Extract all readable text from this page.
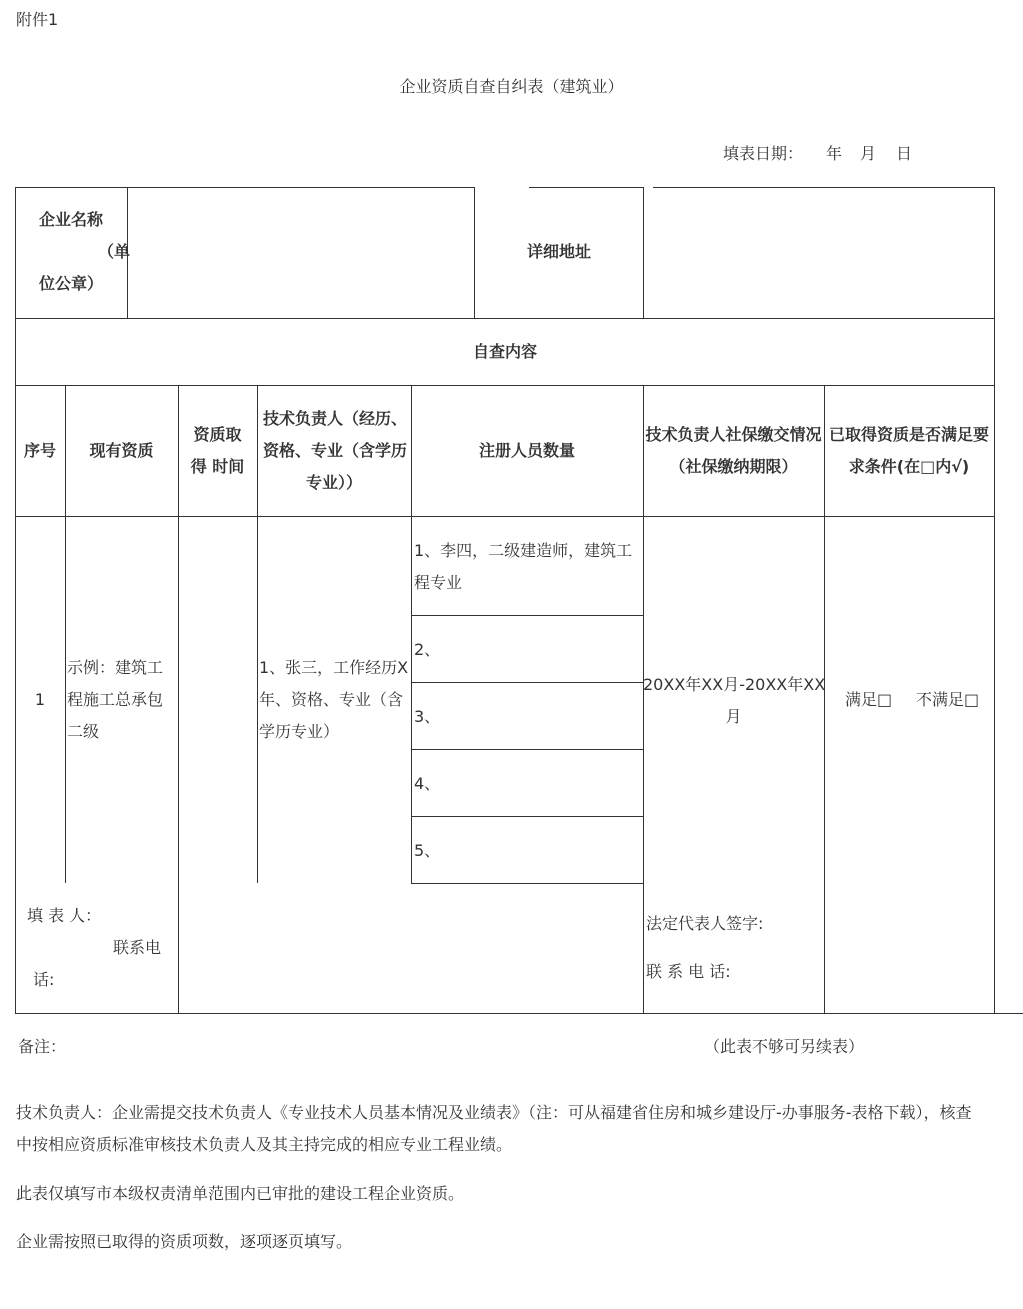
附件1
企业资质自查自纠表（建筑业）
填表日期： 年 月 日
企业名称
（单
位公章）
详细地址
自查内容
序号	现有资质
资质取
得 时间
技术负责人（经历、
资格、专业（含学历
专业））
注册人员数量
技术负责人社保缴交情况
（社保缴纳期限）
已取得资质是否满足要
求条件(在□内√)
1
示例：建筑工
程施工总承包
二级
1、张三，工作经历X
年、资格、专业（含
学历专业）
1、李四，二级建造师，建筑工
程专业
2、
3、
4、
5、
20XX年XX月-20XX年XX
月
满足□ 不满足□
填 表 人：
联系电
话:
法定代表人签字:
联 系 电 话:
备注：	（此表不够可另续表）
技术负责人：企业需提交技术负责人《专业技术人员基本情况及业绩表》（注：可从福建省住房和城乡建设厅-办事服务-表格下载），核查
中按相应资质标准审核技术负责人及其主持完成的相应专业工程业绩。
此表仅填写市本级权责清单范围内已审批的建设工程企业资质。
企业需按照已取得的资质项数，逐项逐页填写。
